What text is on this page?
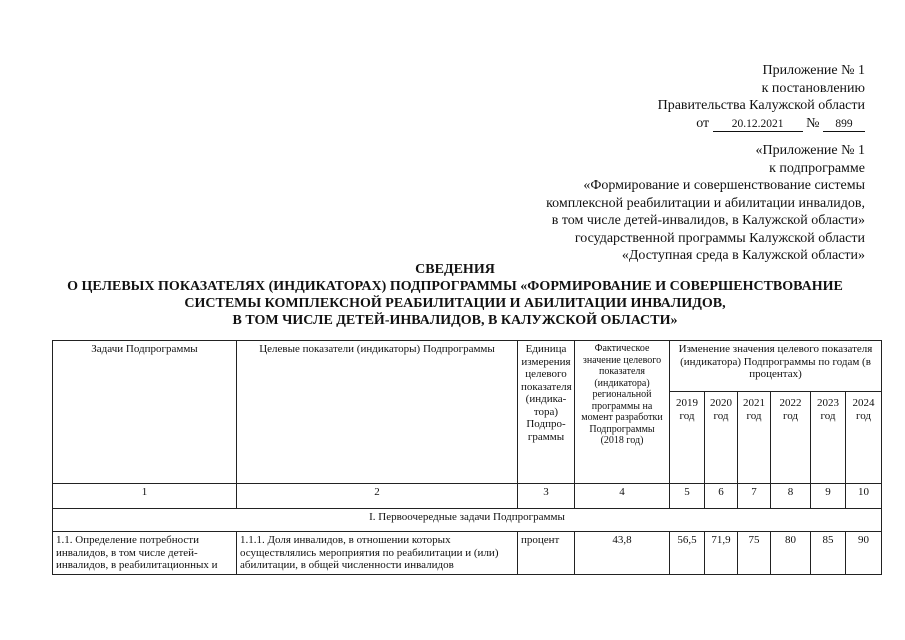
Приложение № 1
к постановлению
Правительства Калужской области
от 20.12.2021 № 899
«Приложение № 1
к подпрограмме
«Формирование и совершенствование системы
комплексной реабилитации и абилитации инвалидов,
в том числе детей-инвалидов, в Калужской области»
государственной программы Калужской области
«Доступная среда в Калужской области»
СВЕДЕНИЯ
О ЦЕЛЕВЫХ ПОКАЗАТЕЛЯХ (ИНДИКАТОРАХ) ПОДПРОГРАММЫ «ФОРМИРОВАНИЕ И СОВЕРШЕНСТВОВАНИЕ
СИСТЕМЫ КОМПЛЕКСНОЙ РЕАБИЛИТАЦИИ И АБИЛИТАЦИИ ИНВАЛИДОВ,
В ТОМ ЧИСЛЕ ДЕТЕЙ-ИНВАЛИДОВ, В КАЛУЖСКОЙ ОБЛАСТИ»
Задачи Подпрограммы	Целевые показатели (индикаторы) Подпрограммы	Единица измерения целевого показателя (индика-тора) Подпро-граммы	Фактическое значение целевого показателя (индикатора) региональной программы на момент разработки Подпрограммы (2018 год)	Изменение значения целевого показателя (индикатора) Подпрограммы по годам (в процентах)					
				2019 год	2020 год	2021 год	2022 год	2023 год	2024 год
1	2	3	4	5	6	7	8	9	10
I. Первоочередные задачи Подпрограммы									
1.1. Определение потребности инвалидов, в том числе детей-инвалидов, в реабилитационных и	1.1.1. Доля инвалидов, в отношении которых осуществлялись мероприятия по реабилитации и (или) абилитации, в общей численности инвалидов	процент	43,8	56,5	71,9	75	80	85	90
